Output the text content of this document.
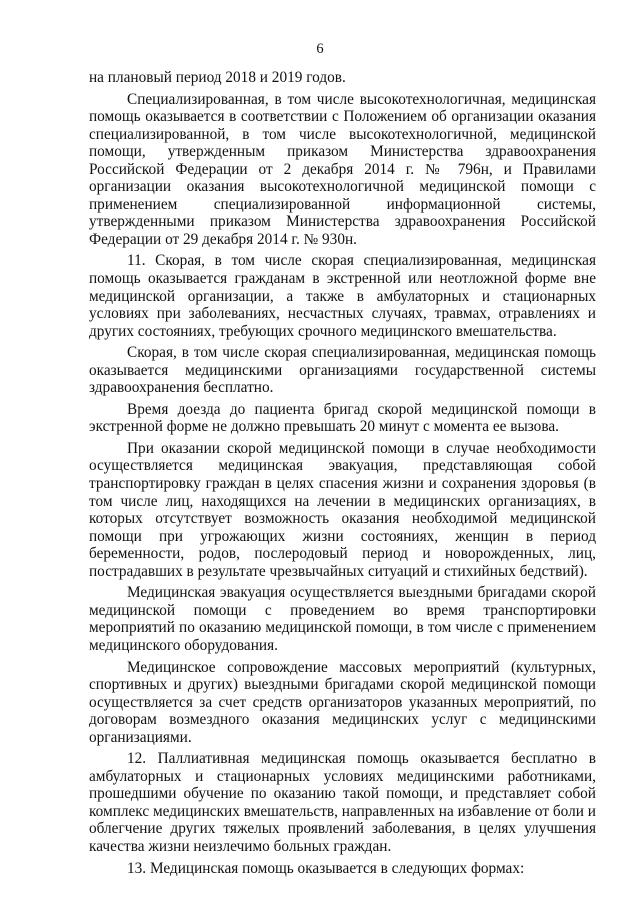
6

на плановый период 2018 и 2019 годов.

Специализированная, в том числе высокотехнологичная, медицинская помощь оказывается в соответствии с Положением об организации оказания специализированной, в том числе высокотехнологичной, медицинской помощи, утвержденным приказом Министерства здравоохранения Российской Федерации от 2 декабря 2014 г. № 796н, и Правилами организации оказания высокотехнологичной медицинской помощи с применением специализированной информационной системы, утвержденными приказом Министерства здравоохранения Российской Федерации от 29 декабря 2014 г. № 930н.

11. Скорая, в том числе скорая специализированная, медицинская помощь оказывается гражданам в экстренной или неотложной форме вне медицинской организации, а также в амбулаторных и стационарных условиях при заболеваниях, несчастных случаях, травмах, отравлениях и других состояниях, требующих срочного медицинского вмешательства.

Скорая, в том числе скорая специализированная, медицинская помощь оказывается медицинскими организациями государственной системы здравоохранения бесплатно.

Время доезда до пациента бригад скорой медицинской помощи в экстренной форме не должно превышать 20 минут с момента ее вызова.

При оказании скорой медицинской помощи в случае необходимости осуществляется медицинская эвакуация, представляющая собой транспортировку граждан в целях спасения жизни и сохранения здоровья (в том числе лиц, находящихся на лечении в медицинских организациях, в которых отсутствует возможность оказания необходимой медицинской помощи при угрожающих жизни состояниях, женщин в период беременности, родов, послеродовый период и новорожденных, лиц, пострадавших в результате чрезвычайных ситуаций и стихийных бедствий).

Медицинская эвакуация осуществляется выездными бригадами скорой медицинской помощи с проведением во время транспортировки мероприятий по оказанию медицинской помощи, в том числе с применением медицинского оборудования.

Медицинское сопровождение массовых мероприятий (культурных, спортивных и других) выездными бригадами скорой медицинской помощи осуществляется за счет средств организаторов указанных мероприятий, по договорам возмездного оказания медицинских услуг с медицинскими организациями.

12. Паллиативная медицинская помощь оказывается бесплатно в амбулаторных и стационарных условиях медицинскими работниками, прошедшими обучение по оказанию такой помощи, и представляет собой комплекс медицинских вмешательств, направленных на избавление от боли и облегчение других тяжелых проявлений заболевания, в целях улучшения качества жизни неизлечимо больных граждан.

13. Медицинская помощь оказывается в следующих формах:
